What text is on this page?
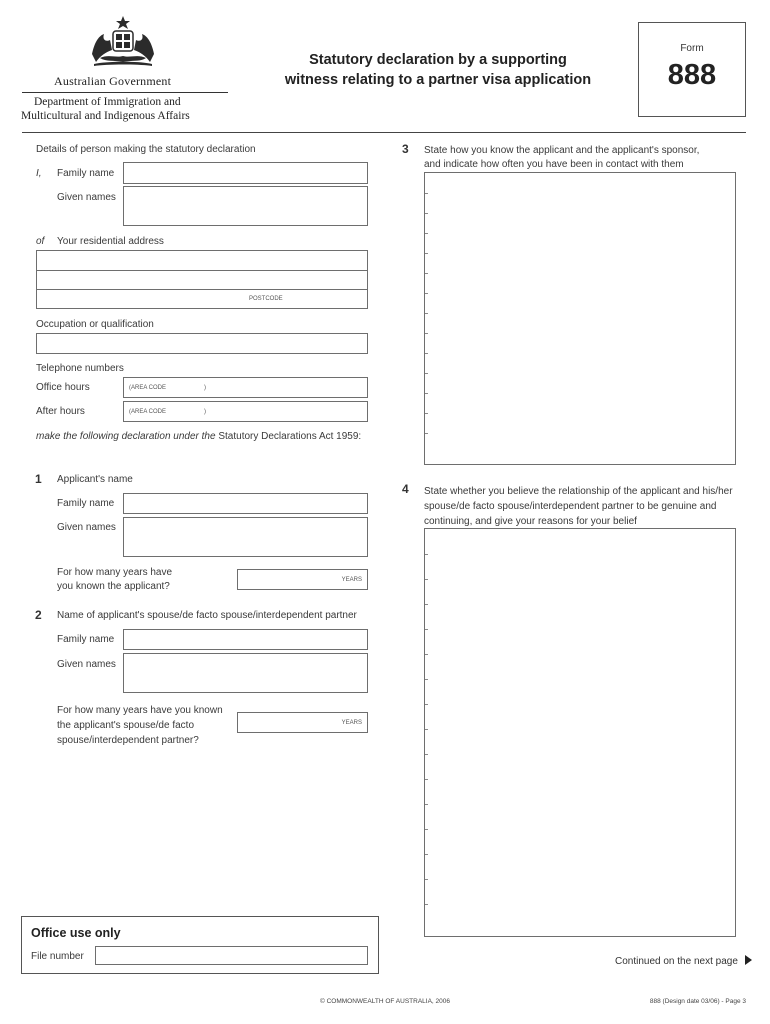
Australian Government
Department of Immigration and
Multicultural and Indigenous Affairs
Statutory declaration by a supporting
witness relating to a partner visa application
Form
888
Details of person making the statutory declaration
I, Family name
Given names
of Your residential address
POSTCODE
Occupation or qualification
Telephone numbers
Office hours	(AREA CODE	)
After hours	(AREA CODE	)
make the following declaration under the Statutory Declarations Act 1959:
1 Applicant's name
Family name
Given names
For how many years have
you known the applicant?
YEARS
2 Name of applicant's spouse/de facto spouse/interdependent partner
Family name
Given names
For how many years have you known
the applicant's spouse/de facto
spouse/interdependent partner?
YEARS
Office use only
File number
3 State how you know the applicant and the applicant's sponsor,
and indicate how often you have been in contact with them
4 State whether you believe the relationship of the applicant and his/her
spouse/de facto spouse/interdependent partner to be genuine and
continuing, and give your reasons for your belief
Continued on the next page
© COMMONWEALTH OF AUSTRALIA, 2006	888 (Design date 03/06) - Page 3
